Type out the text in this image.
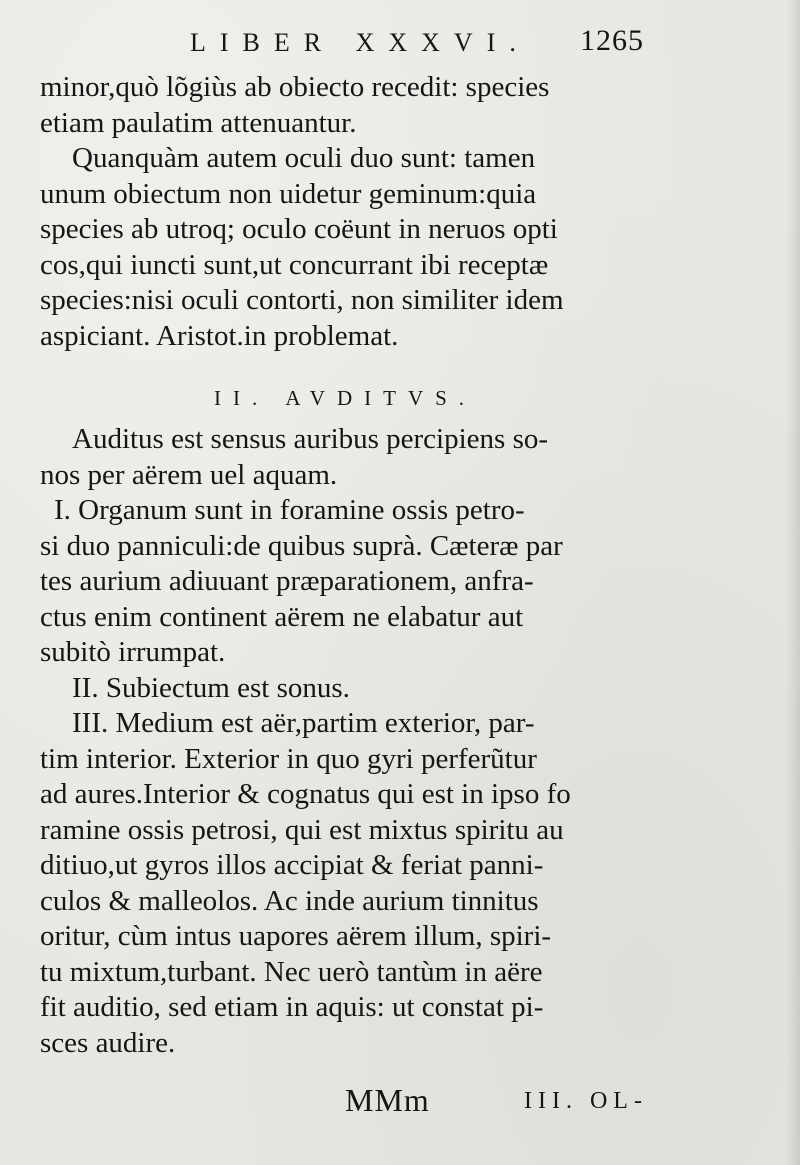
LIBER XXXVI. 1265
minor,quò lõgiùs ab obiecto recedit: species
etiam paulatim attenuantur.
Quanquàm autem oculi duo sunt: tamen
unum obiectum non uidetur geminum:quia
species ab utroq; oculo coëunt in neruos opti
cos,qui iuncti sunt,ut concurrant ibi receptæ
species:nisi oculi contorti, non similiter idem
aspiciant. Aristot.in problemat.
II. AVDITVS.
Auditus est sensus auribus percipiens so-
nos per aërem uel aquam.
I. Organum sunt in foramine ossis petro-
si duo panniculi:de quibus suprà. Cæteræ par
tes aurium adiuuant præparationem, anfra-
ctus enim continent aërem ne elabatur aut
subitò irrumpat.
II. Subiectum est sonus.
III. Medium est aër,partim exterior, par-
tim interior. Exterior in quo gyri perferũtur
ad aures.Interior & cognatus qui est in ipso fo
ramine ossis petrosi, qui est mixtus spiritu au
ditiuo,ut gyros illos accipiat & feriat panni-
culos & malleolos. Ac inde aurium tinnitus
oritur, cùm intus uapores aërem illum, spiri-
tu mixtum,turbant. Nec uerò tantùm in aëre
fit auditio, sed etiam in aquis: ut constat pi-
sces audire.
MMm	III. OL-
